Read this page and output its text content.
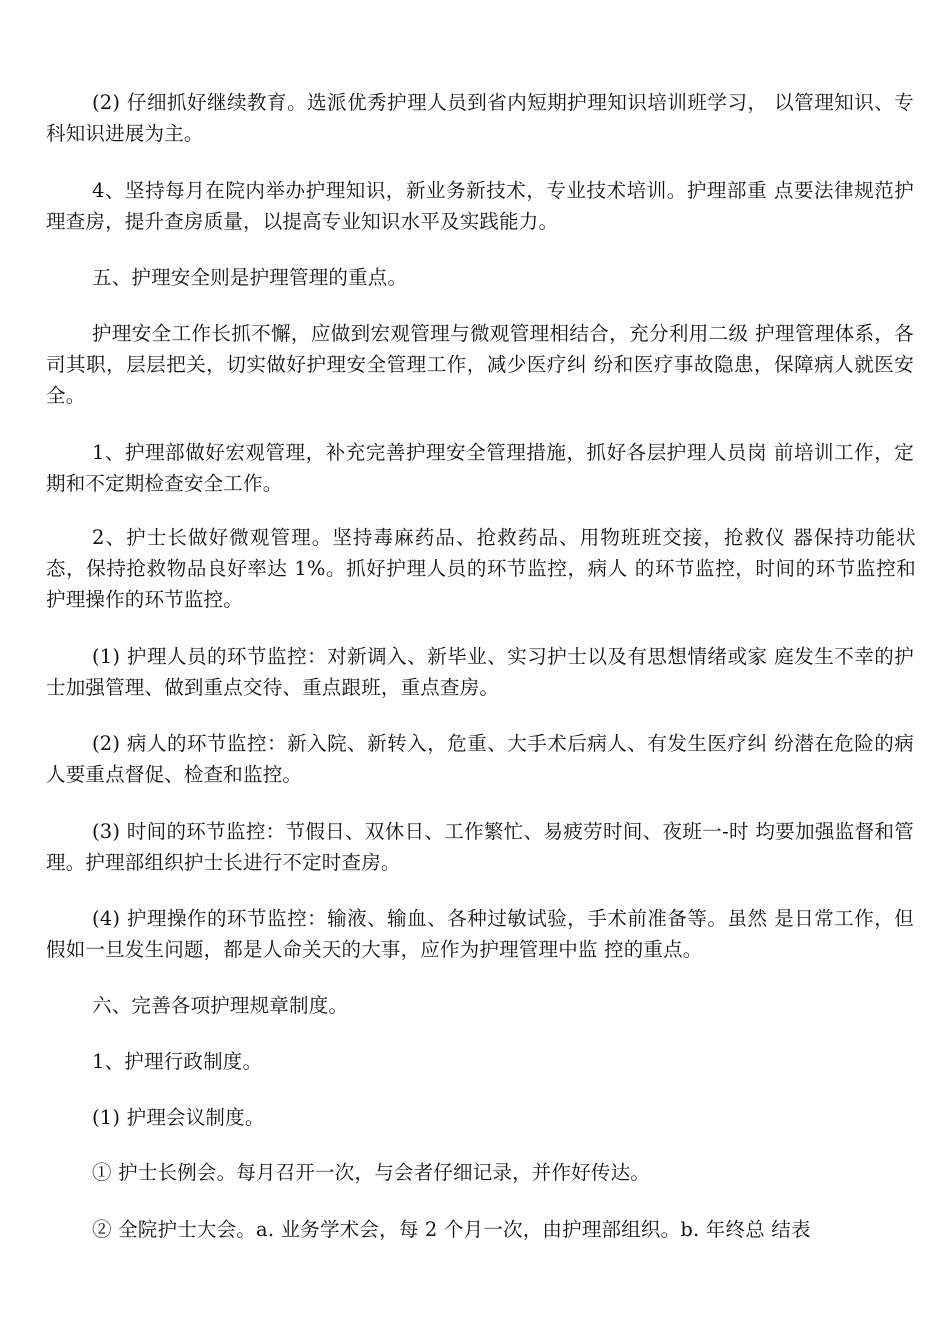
(2) 仔细抓好继续教育。选派优秀护理人员到省内短期护理知识培训班学习， 以管理知识、专科知识进展为主。

4、坚持每月在院内举办护理知识，新业务新技术，专业技术培训。护理部重 点要法律规范护理查房，提升查房质量，以提高专业知识水平及实践能力。

五、护理安全则是护理管理的重点。

护理安全工作长抓不懈，应做到宏观管理与微观管理相结合，充分利用二级 护理管理体系，各司其职，层层把关，切实做好护理安全管理工作，减少医疗纠 纷和医疗事故隐患，保障病人就医安全。

1、护理部做好宏观管理，补充完善护理安全管理措施，抓好各层护理人员岗 前培训工作，定期和不定期检查安全工作。

2、护士长做好微观管理。坚持毒麻药品、抢救药品、用物班班交接，抢救仪 器保持功能状态，保持抢救物品良好率达 1%。抓好护理人员的环节监控，病人 的环节监控，时间的环节监控和护理操作的环节监控。

(1) 护理人员的环节监控：对新调入、新毕业、实习护士以及有思想情绪或家 庭发生不幸的护士加强管理、做到重点交待、重点跟班，重点查房。

(2) 病人的环节监控：新入院、新转入，危重、大手术后病人、有发生医疗纠 纷潜在危险的病人要重点督促、检查和监控。

(3) 时间的环节监控：节假日、双休日、工作繁忙、易疲劳时间、夜班一-时 均要加强监督和管理。护理部组织护士长进行不定时查房。

(4) 护理操作的环节监控：输液、输血、各种过敏试验，手术前准备等。虽然 是日常工作，但假如一旦发生问题，都是人命关天的大事，应作为护理管理中监 控的重点。

六、完善各项护理规章制度。

1、护理行政制度。

(1) 护理会议制度。

① 护士长例会。每月召开一次，与会者仔细记录，并作好传达。

② 全院护士大会。a. 业务学术会，每 2 个月一次，由护理部组织。b. 年终总 结表
